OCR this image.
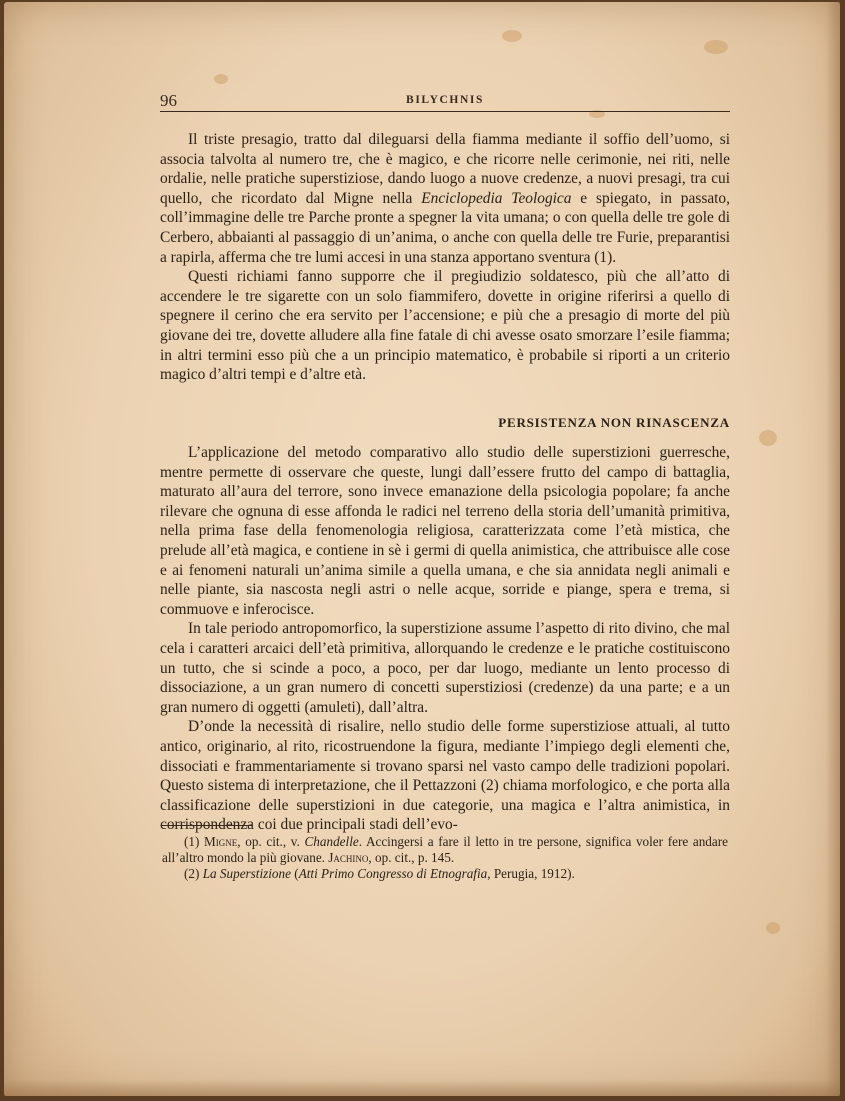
96	BILYCHNIS

Il triste presagio, tratto dal dileguarsi della fiamma mediante il soffio dell’uomo, si associa talvolta al numero tre, che è magico, e che ricorre nelle cerimonie, nei riti, nelle ordalie, nelle pratiche superstiziose, dando luogo a nuove credenze, a nuovi presagi, tra cui quello, che ricordato dal Migne nella Enciclopedia Teologica e spiegato, in passato, coll’immagine delle tre Parche pronte a spegner la vita umana; o con quella delle tre gole di Cerbero, abbaianti al passaggio di un’anima, o anche con quella delle tre Furie, preparantisi a rapirla, afferma che tre lumi accesi in una stanza apportano sventura (1).

Questi richiami fanno supporre che il pregiudizio soldatesco, più che all’atto di accendere le tre sigarette con un solo fiammifero, dovette in origine riferirsi a quello di spegnere il cerino che era servito per l’accensione; e più che a presagio di morte del più giovane dei tre, dovette alludere alla fine fatale di chi avesse osato smorzare l’esile fiamma; in altri termini esso più che a un principio matematico, è probabile si riporti a un criterio magico d’altri tempi e d’altre età.

PERSISTENZA NON RINASCENZA

L’applicazione del metodo comparativo allo studio delle superstizioni guerresche, mentre permette di osservare che queste, lungi dall’essere frutto del campo di battaglia, maturato all’aura del terrore, sono invece emanazione della psicologia popolare; fa anche rilevare che ognuna di esse affonda le radici nel terreno della storia dell’umanità primitiva, nella prima fase della fenomenologia religiosa, caratterizzata come l’età mistica, che prelude all’età magica, e contiene in sè i germi di quella animistica, che attribuisce alle cose e ai fenomeni naturali un’anima simile a quella umana, e che sia annidata negli animali e nelle piante, sia nascosta negli astri o nelle acque, sorride e piange, spera e trema, si commuove e inferocisce.

In tale periodo antropomorfico, la superstizione assume l’aspetto di rito divino, che mal cela i caratteri arcaici dell’età primitiva, allorquando le credenze e le pratiche costituiscono un tutto, che si scinde a poco, a poco, per dar luogo, mediante un lento processo di dissociazione, a un gran numero di concetti superstiziosi (credenze) da una parte; e a un gran numero di oggetti (amuleti), dall’altra.

D’onde la necessità di risalire, nello studio delle forme superstiziose attuali, al tutto antico, originario, al rito, ricostruendone la figura, mediante l’impiego degli elementi che, dissociati e frammentariamente si trovano sparsi nel vasto campo delle tradizioni popolari. Questo sistema di interpretazione, che il Pettazzoni (2) chiama morfologico, e che porta alla classificazione delle superstizioni in due categorie, una magica e l’altra animistica, in corrispondenza coi due principali stadi dell’evo-

(1) Migne, op. cit., v. Chandelle. Accingersi a fare il letto in tre persone, significa voler fere andare all’altro mondo la più giovane. Jachino, op. cit., p. 145.

(2) La Superstizione (Atti Primo Congresso di Etnografia, Perugia, 1912).
